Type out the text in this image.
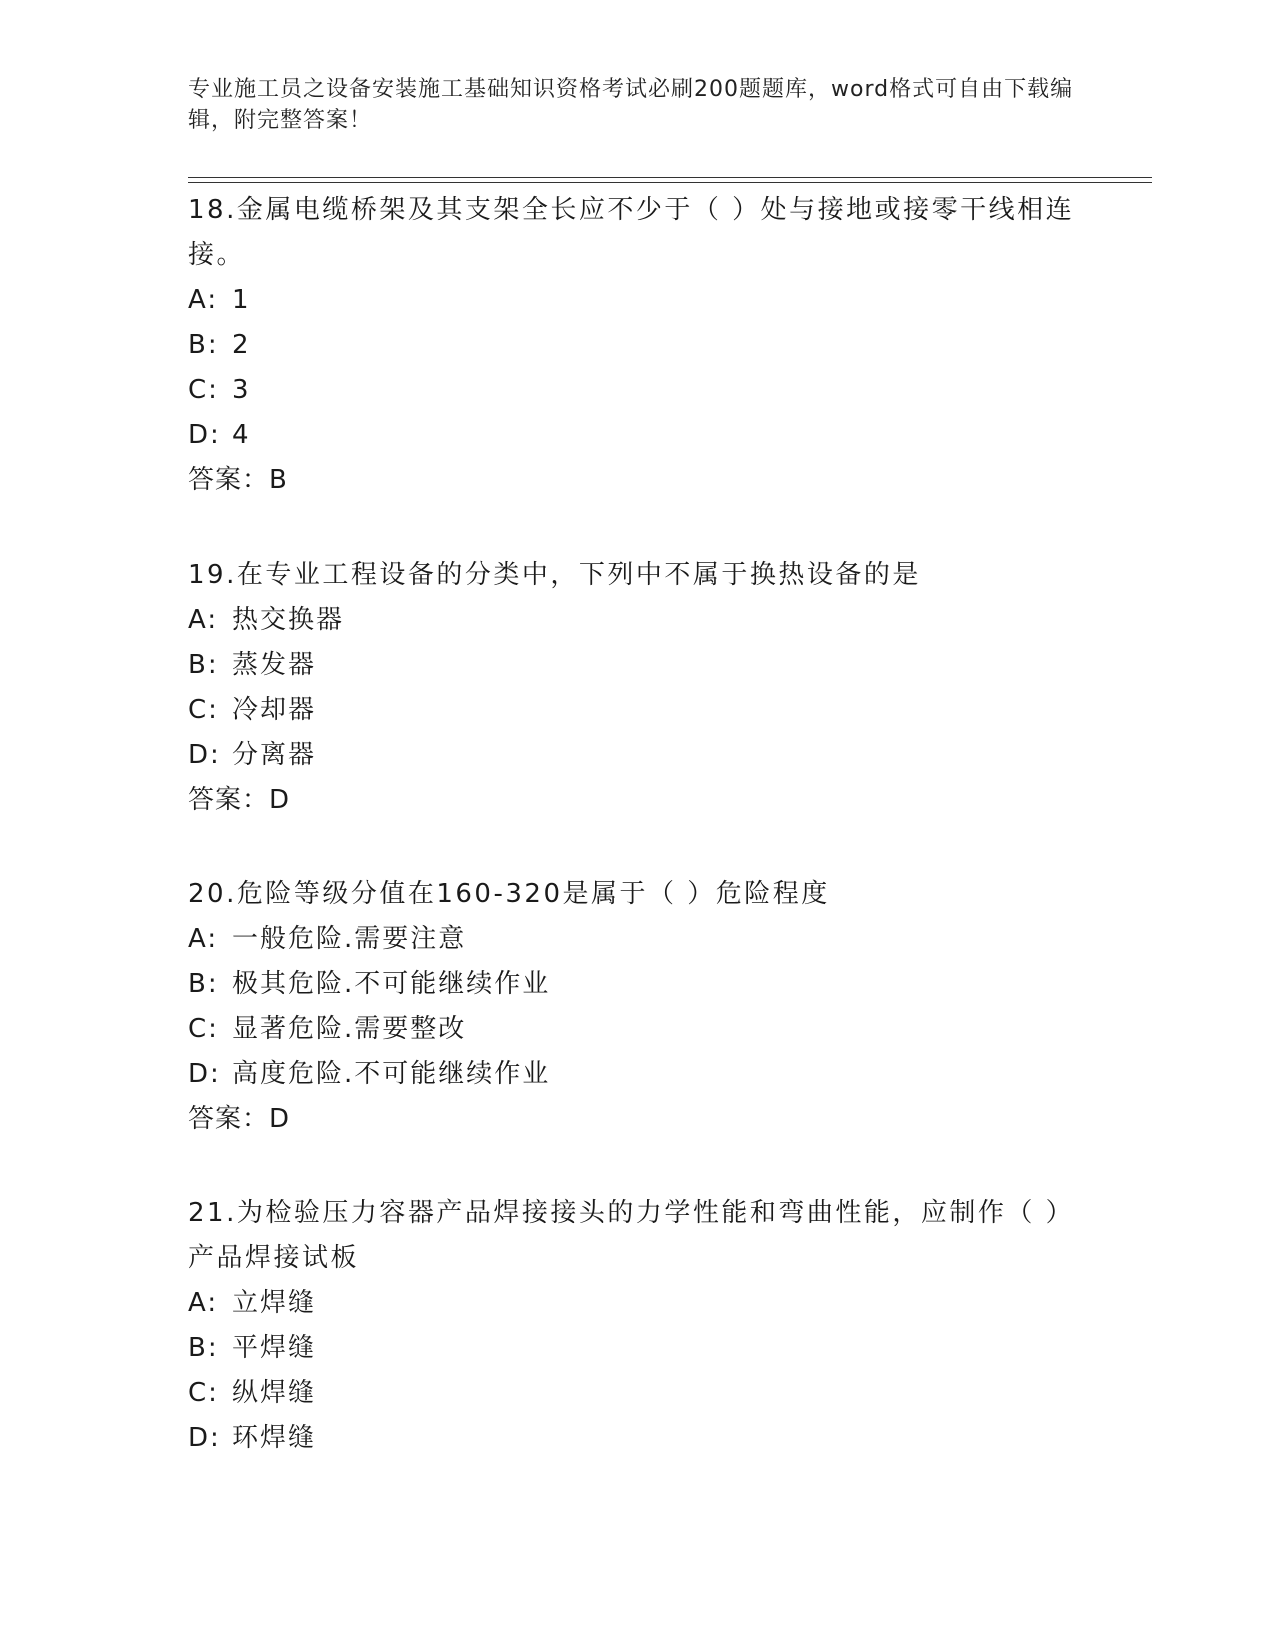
专业施工员之设备安装施工基础知识资格考试必刷200题题库，word格式可自由下载编辑，附完整答案！

18.金属电缆桥架及其支架全长应不少于（ ）处与接地或接零干线相连接。

A: 1

B: 2

C: 3

D: 4

答案：B

19.在专业工程设备的分类中，下列中不属于换热设备的是

A: 热交换器

B: 蒸发器

C: 冷却器

D: 分离器

答案：D

20.危险等级分值在160-320是属于（ ）危险程度

A: 一般危险.需要注意

B: 极其危险.不可能继续作业

C: 显著危险.需要整改

D: 高度危险.不可能继续作业

答案：D

21.为检验压力容器产品焊接接头的力学性能和弯曲性能，应制作（ ）产品焊接试板

A: 立焊缝

B: 平焊缝

C: 纵焊缝

D: 环焊缝
